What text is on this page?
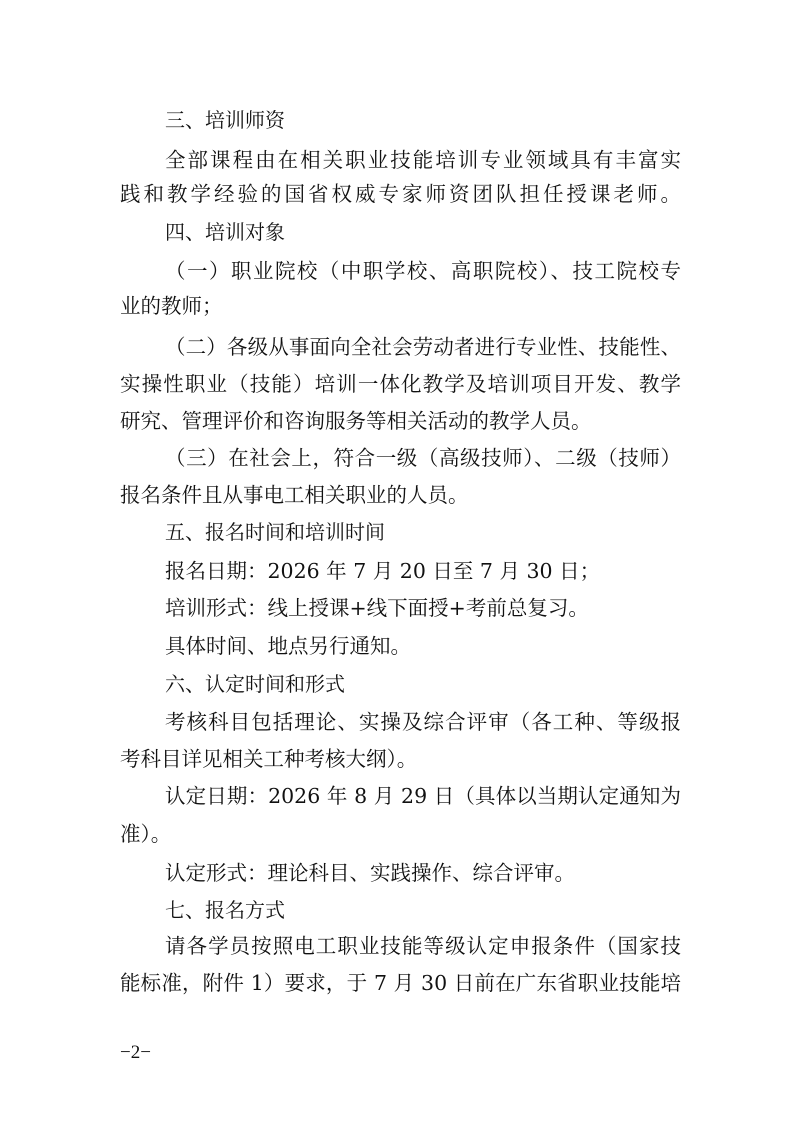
三、培训师资
全部课程由在相关职业技能培训专业领域具有丰富实
践和教学经验的国省权威专家师资团队担任授课老师。
四、培训对象
（一）职业院校（中职学校、高职院校）、技工院校专
业的教师；
（二）各级从事面向全社会劳动者进行专业性、技能性、
实操性职业（技能）培训一体化教学及培训项目开发、教学
研究、管理评价和咨询服务等相关活动的教学人员。
（三）在社会上，符合一级（高级技师）、二级（技师）
报名条件且从事电工相关职业的人员。
五、报名时间和培训时间
报名日期：2026 年 7 月 20 日至 7 月 30 日；
培训形式：线上授课+线下面授+考前总复习。
具体时间、地点另行通知。
六、认定时间和形式
考核科目包括理论、实操及综合评审（各工种、等级报
考科目详见相关工种考核大纲）。
认定日期：2026 年 8 月 29 日（具体以当期认定通知为
准）。
认定形式：理论科目、实践操作、综合评审。
七、报名方式
请各学员按照电工职业技能等级认定申报条件（国家技
能标准，附件 1）要求，于 7 月 30 日前在广东省职业技能培
−2−
